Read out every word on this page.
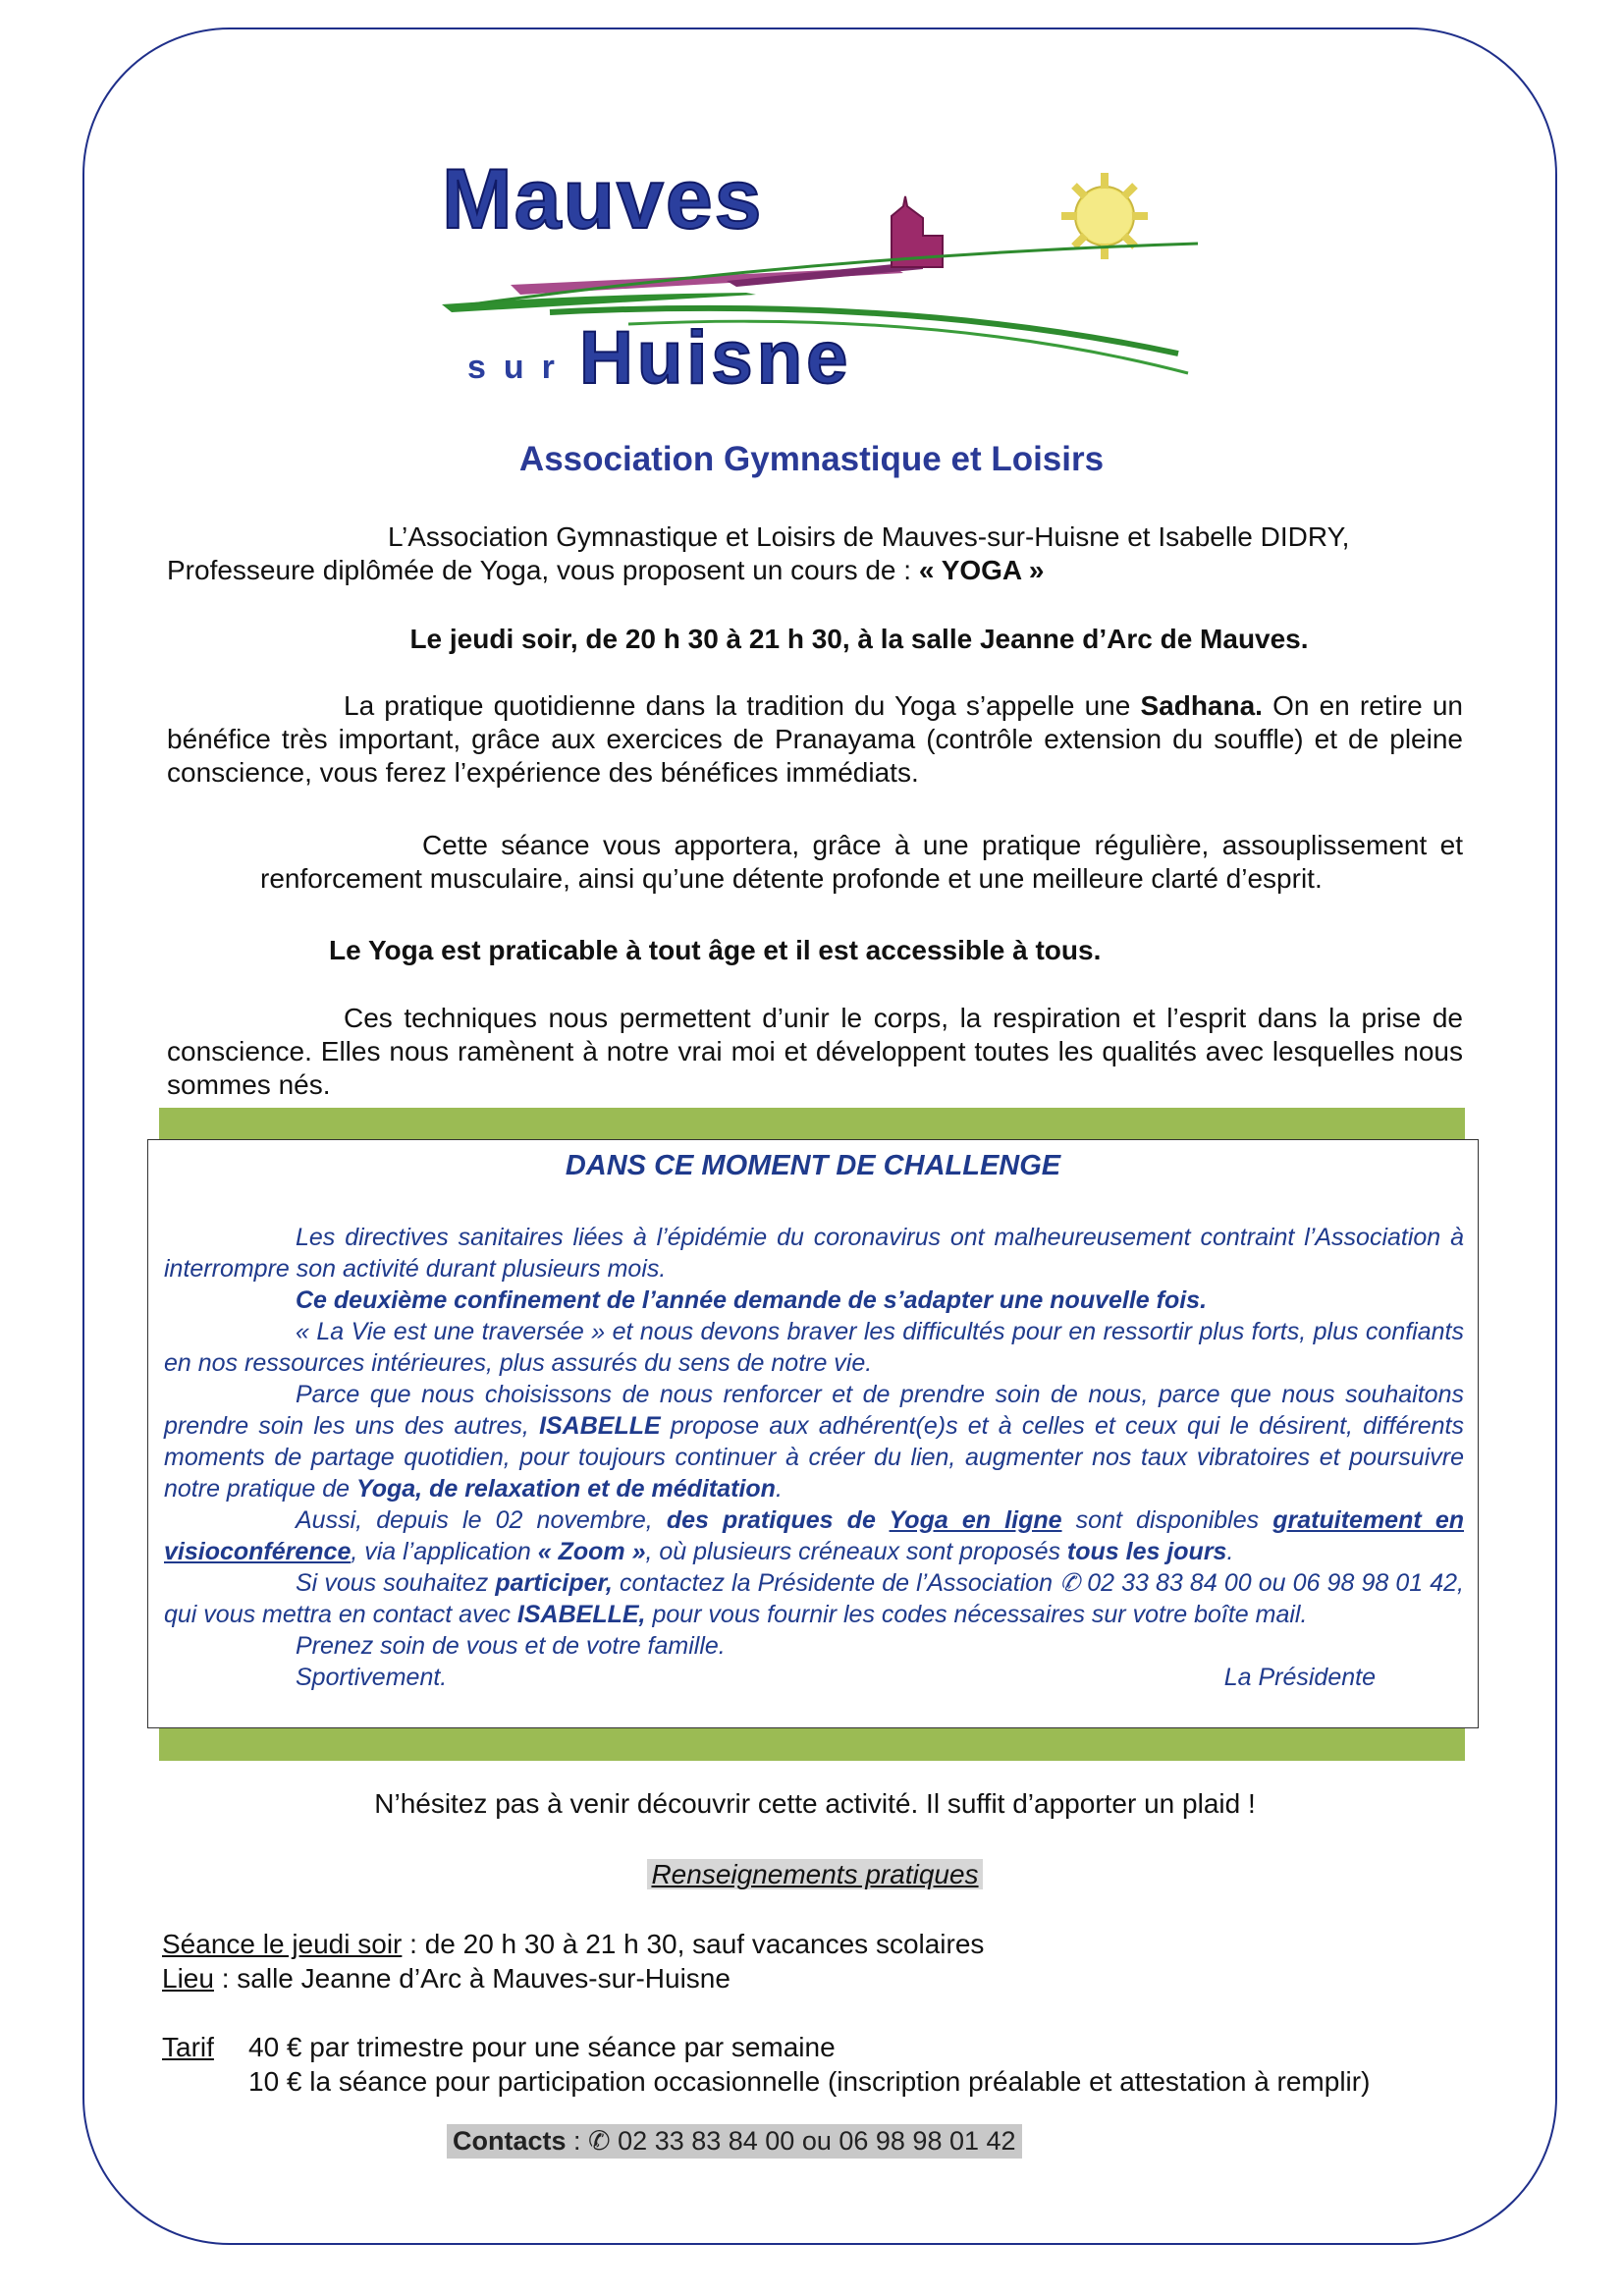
Mauves
sur Huisne
Association Gymnastique et Loisirs

L’Association Gymnastique et Loisirs de Mauves-sur-Huisne et Isabelle DIDRY, Professeure diplômée de Yoga, vous proposent un cours de : « YOGA »

Le jeudi soir, de 20 h 30 à 21 h 30, à la salle Jeanne d’Arc de Mauves.

La pratique quotidienne dans la tradition du Yoga s’appelle une Sadhana. On en retire un bénéfice très important, grâce aux exercices de Pranayama (contrôle extension du souffle) et de pleine conscience, vous ferez l’expérience des bénéfices immédiats.

Cette séance vous apportera, grâce à une pratique régulière, assouplissement et renforcement musculaire, ainsi qu’une détente profonde et une meilleure clarté d’esprit.

Le Yoga est praticable à tout âge et il est accessible à tous.

Ces techniques nous permettent d’unir le corps, la respiration et l’esprit dans la prise de conscience. Elles nous ramènent à notre vrai moi et développent toutes les qualités avec lesquelles nous sommes nés.

DANS CE MOMENT DE CHALLENGE

Les directives sanitaires liées à l’épidémie du coronavirus ont malheureusement contraint l’Association à interrompre son activité durant plusieurs mois.

Ce deuxième confinement de l’année demande de s’adapter une nouvelle fois.

« La Vie est une traversée » et nous devons braver les difficultés pour en ressortir plus forts, plus confiants en nos ressources intérieures, plus assurés du sens de notre vie.

Parce que nous choisissons de nous renforcer et de prendre soin de nous, parce que nous souhaitons prendre soin les uns des autres, ISABELLE propose aux adhérent(e)s et à celles et ceux qui le désirent, différents moments de partage quotidien, pour toujours continuer à créer du lien, augmenter nos taux vibratoires et poursuivre notre pratique de Yoga, de relaxation et de méditation.

Aussi, depuis le 02 novembre, des pratiques de Yoga en ligne sont disponibles gratuitement en visioconférence, via l’application « Zoom », où plusieurs créneaux sont proposés tous les jours.

Si vous souhaitez participer, contactez la Présidente de l’Association ✆ 02 33 83 84 00 ou 06 98 98 01 42, qui vous mettra en contact avec ISABELLE, pour vous fournir les codes nécessaires sur votre boîte mail.

Prenez soin de vous et de votre famille.

Sportivement.	La Présidente

N’hésitez pas à venir découvrir cette activité. Il suffit d’apporter un plaid !
Renseignements pratiques
Séance le jeudi soir : de 20 h 30 à 21 h 30, sauf vacances scolaires
Lieu : salle Jeanne d’Arc à Mauves-sur-Huisne
Tarif 40 € par trimestre pour une séance par semaine
10 € la séance pour participation occasionnelle (inscription préalable et attestation à remplir)
Contacts : ✆ 02 33 83 84 00 ou 06 98 98 01 42
